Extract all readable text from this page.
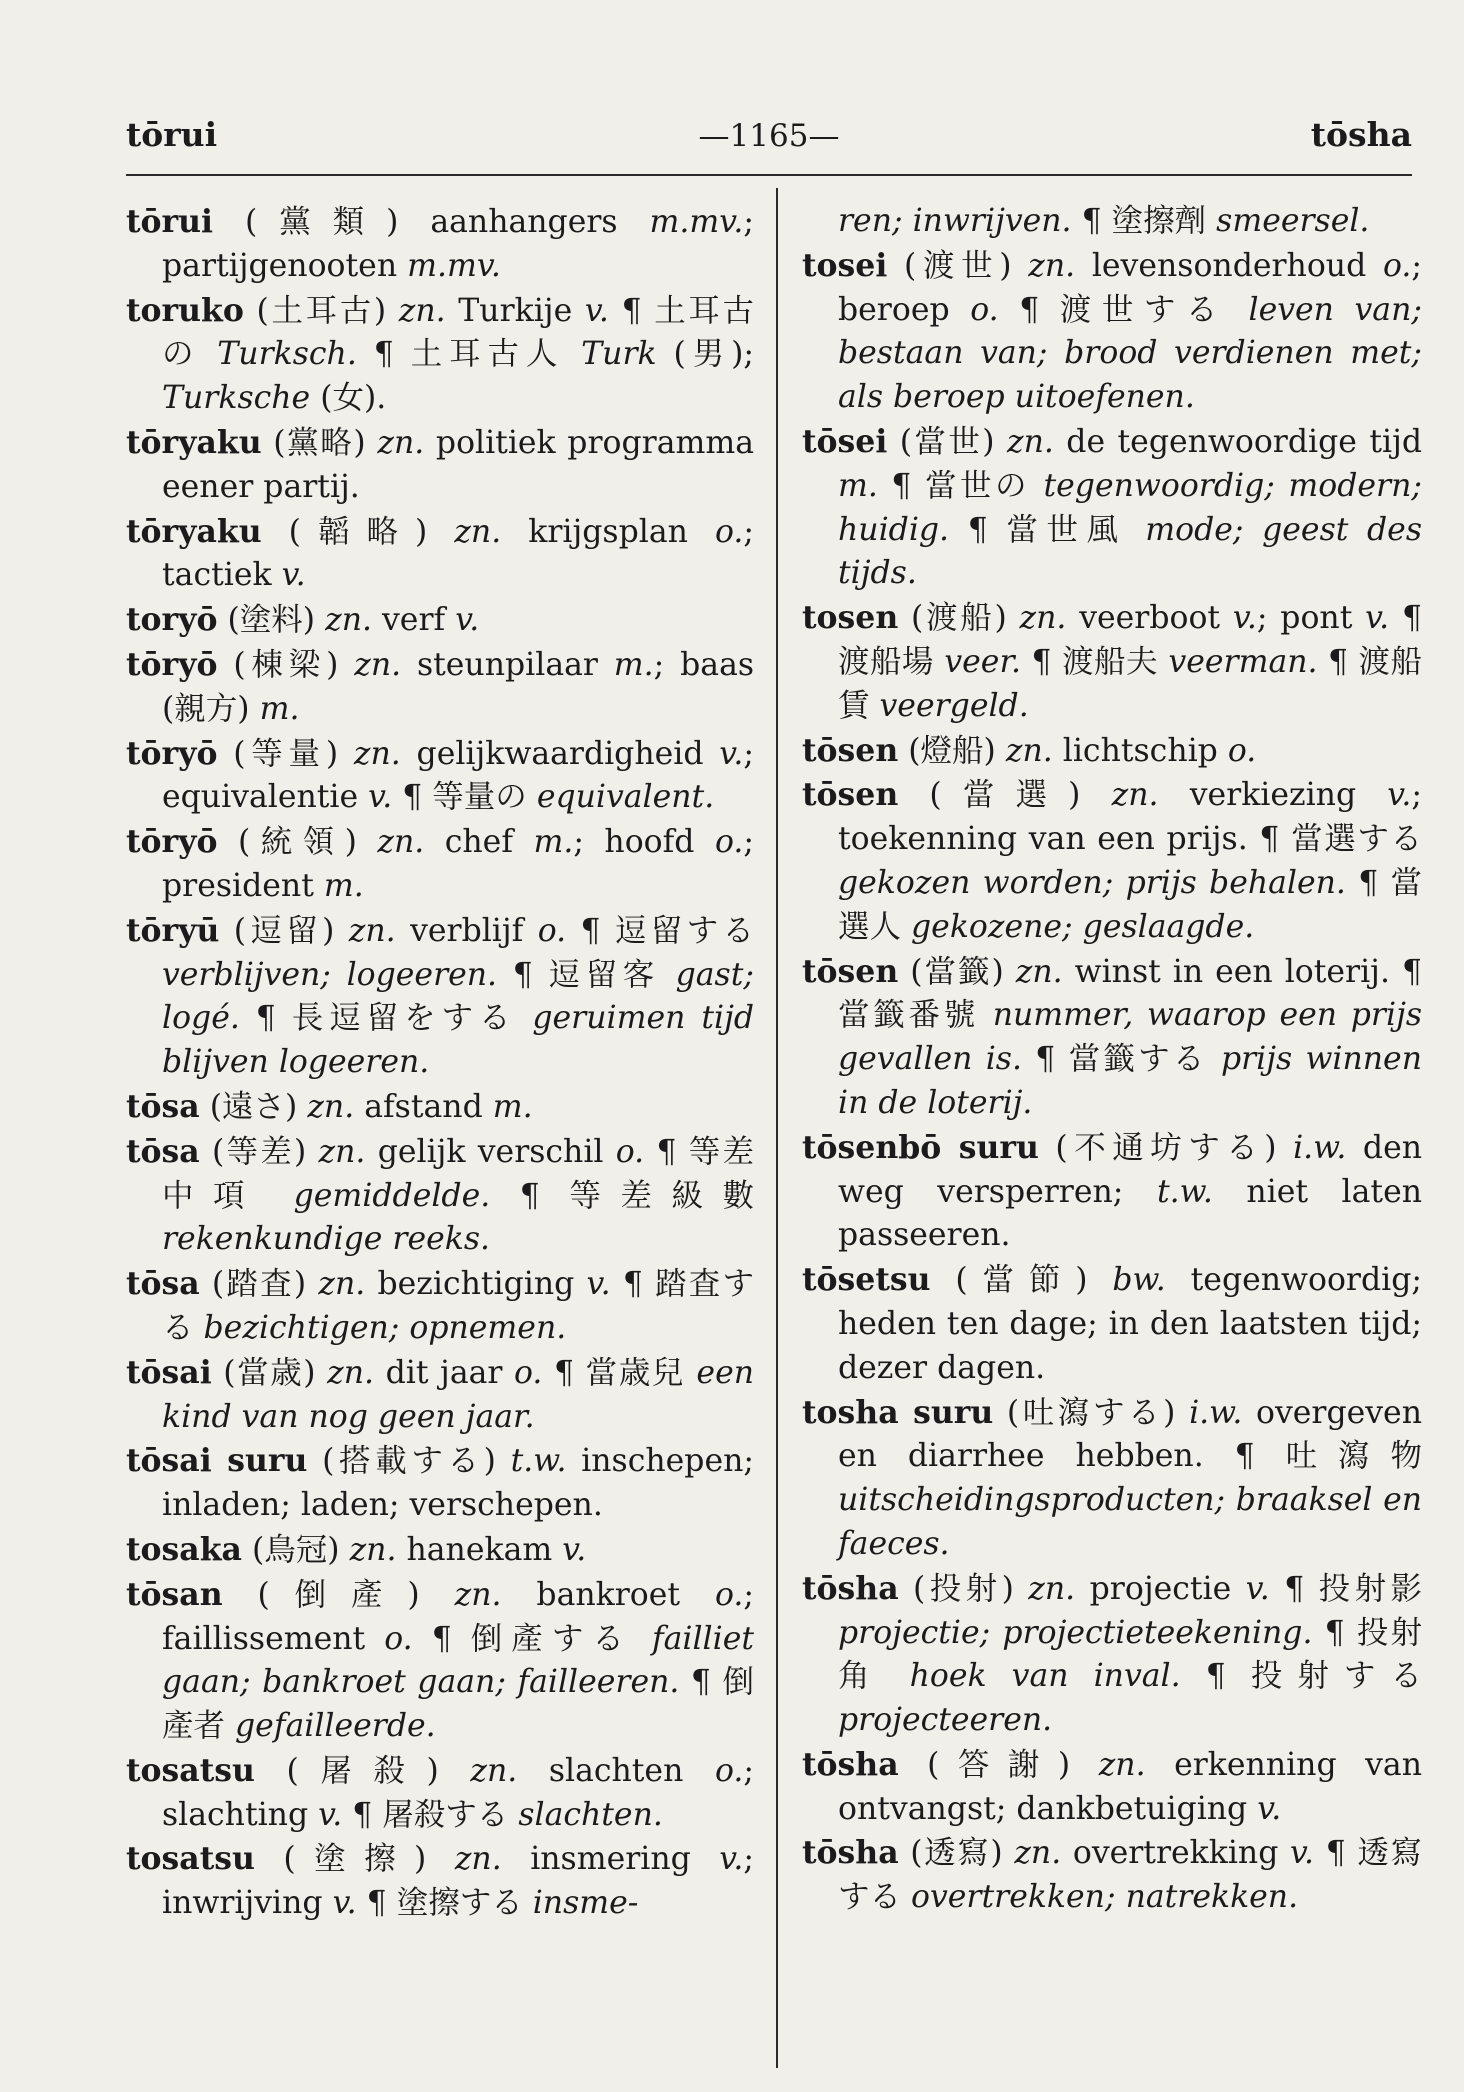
tōrui	—1165—	tōsha
tōrui (黨類) aanhangers m.mv.; partijgenooten m.mv.
toruko (土耳古) zn. Turkije v. ¶ 土耳古の Turksch. ¶ 土耳古人 Turk (男); Turksche (女).
tōryaku (黨略) zn. politiek programma eener partij.
tōryaku (韜略) zn. krijgsplan o.; tactiek v.
toryō (塗料) zn. verf v.
tōryō (棟梁) zn. steunpilaar m.; baas (親方) m.
tōryō (等量) zn. gelijkwaardigheid v.; equivalentie v. ¶ 等量の equivalent.
tōryō (統領) zn. chef m.; hoofd o.; president m.
tōryū (逗留) zn. verblijf o. ¶ 逗留する verblijven; logeeren. ¶ 逗留客 gast; logé. ¶ 長逗留をする geruimen tijd blijven logeeren.
tōsa (遠さ) zn. afstand m.
tōsa (等差) zn. gelijk verschil o. ¶ 等差中項 gemiddelde. ¶ 等差級數 rekenkundige reeks.
tōsa (踏査) zn. bezichtiging v. ¶ 踏査する bezichtigen; opnemen.
tōsai (當歳) zn. dit jaar o. ¶ 當歳兒 een kind van nog geen jaar.
tōsai suru (搭載する) t.w. inschepen; inladen; laden; verschepen.
tosaka (鳥冠) zn. hanekam v.
tōsan (倒產) zn. bankroet o.; faillissement o. ¶ 倒產する failliet gaan; bankroet gaan; failleeren. ¶ 倒產者 gefailleerde.
tosatsu (屠殺) zn. slachten o.; slachting v. ¶ 屠殺する slachten.
tosatsu (塗擦) zn. insmering v.; inwrijving v. ¶ 塗擦する insme-
ren; inwrijven. ¶ 塗擦劑 smeersel.
tosei (渡世) zn. levensonderhoud o.; beroep o. ¶ 渡世する leven van; bestaan van; brood verdienen met; als beroep uitoefenen.
tōsei (當世) zn. de tegenwoordige tijd m. ¶ 當世の tegenwoordig; modern; huidig. ¶ 當世風 mode; geest des tijds.
tosen (渡船) zn. veerboot v.; pont v. ¶ 渡船場 veer. ¶ 渡船夫 veerman. ¶ 渡船賃 veergeld.
tōsen (燈船) zn. lichtschip o.
tōsen (當選) zn. verkiezing v.; toekenning van een prijs. ¶ 當選する gekozen worden; prijs behalen. ¶ 當選人 gekozene; geslaagde.
tōsen (當籤) zn. winst in een loterij. ¶ 當籤番號 nummer, waarop een prijs gevallen is. ¶ 當籤する prijs winnen in de loterij.
tōsenbō suru (不通坊する) i.w. den weg versperren; t.w. niet laten passeeren.
tōsetsu (當節) bw. tegenwoordig; heden ten dage; in den laatsten tijd; dezer dagen.
tosha suru (吐瀉する) i.w. overgeven en diarrhee hebben. ¶ 吐瀉物 uitscheidingsproducten; braaksel en faeces.
tōsha (投射) zn. projectie v. ¶ 投射影 projectie; projectieteekening. ¶ 投射角 hoek van inval. ¶ 投射する projecteeren.
tōsha (答謝) zn. erkenning van ontvangst; dankbetuiging v.
tōsha (透寫) zn. overtrekking v. ¶ 透寫する overtrekken; natrekken.
